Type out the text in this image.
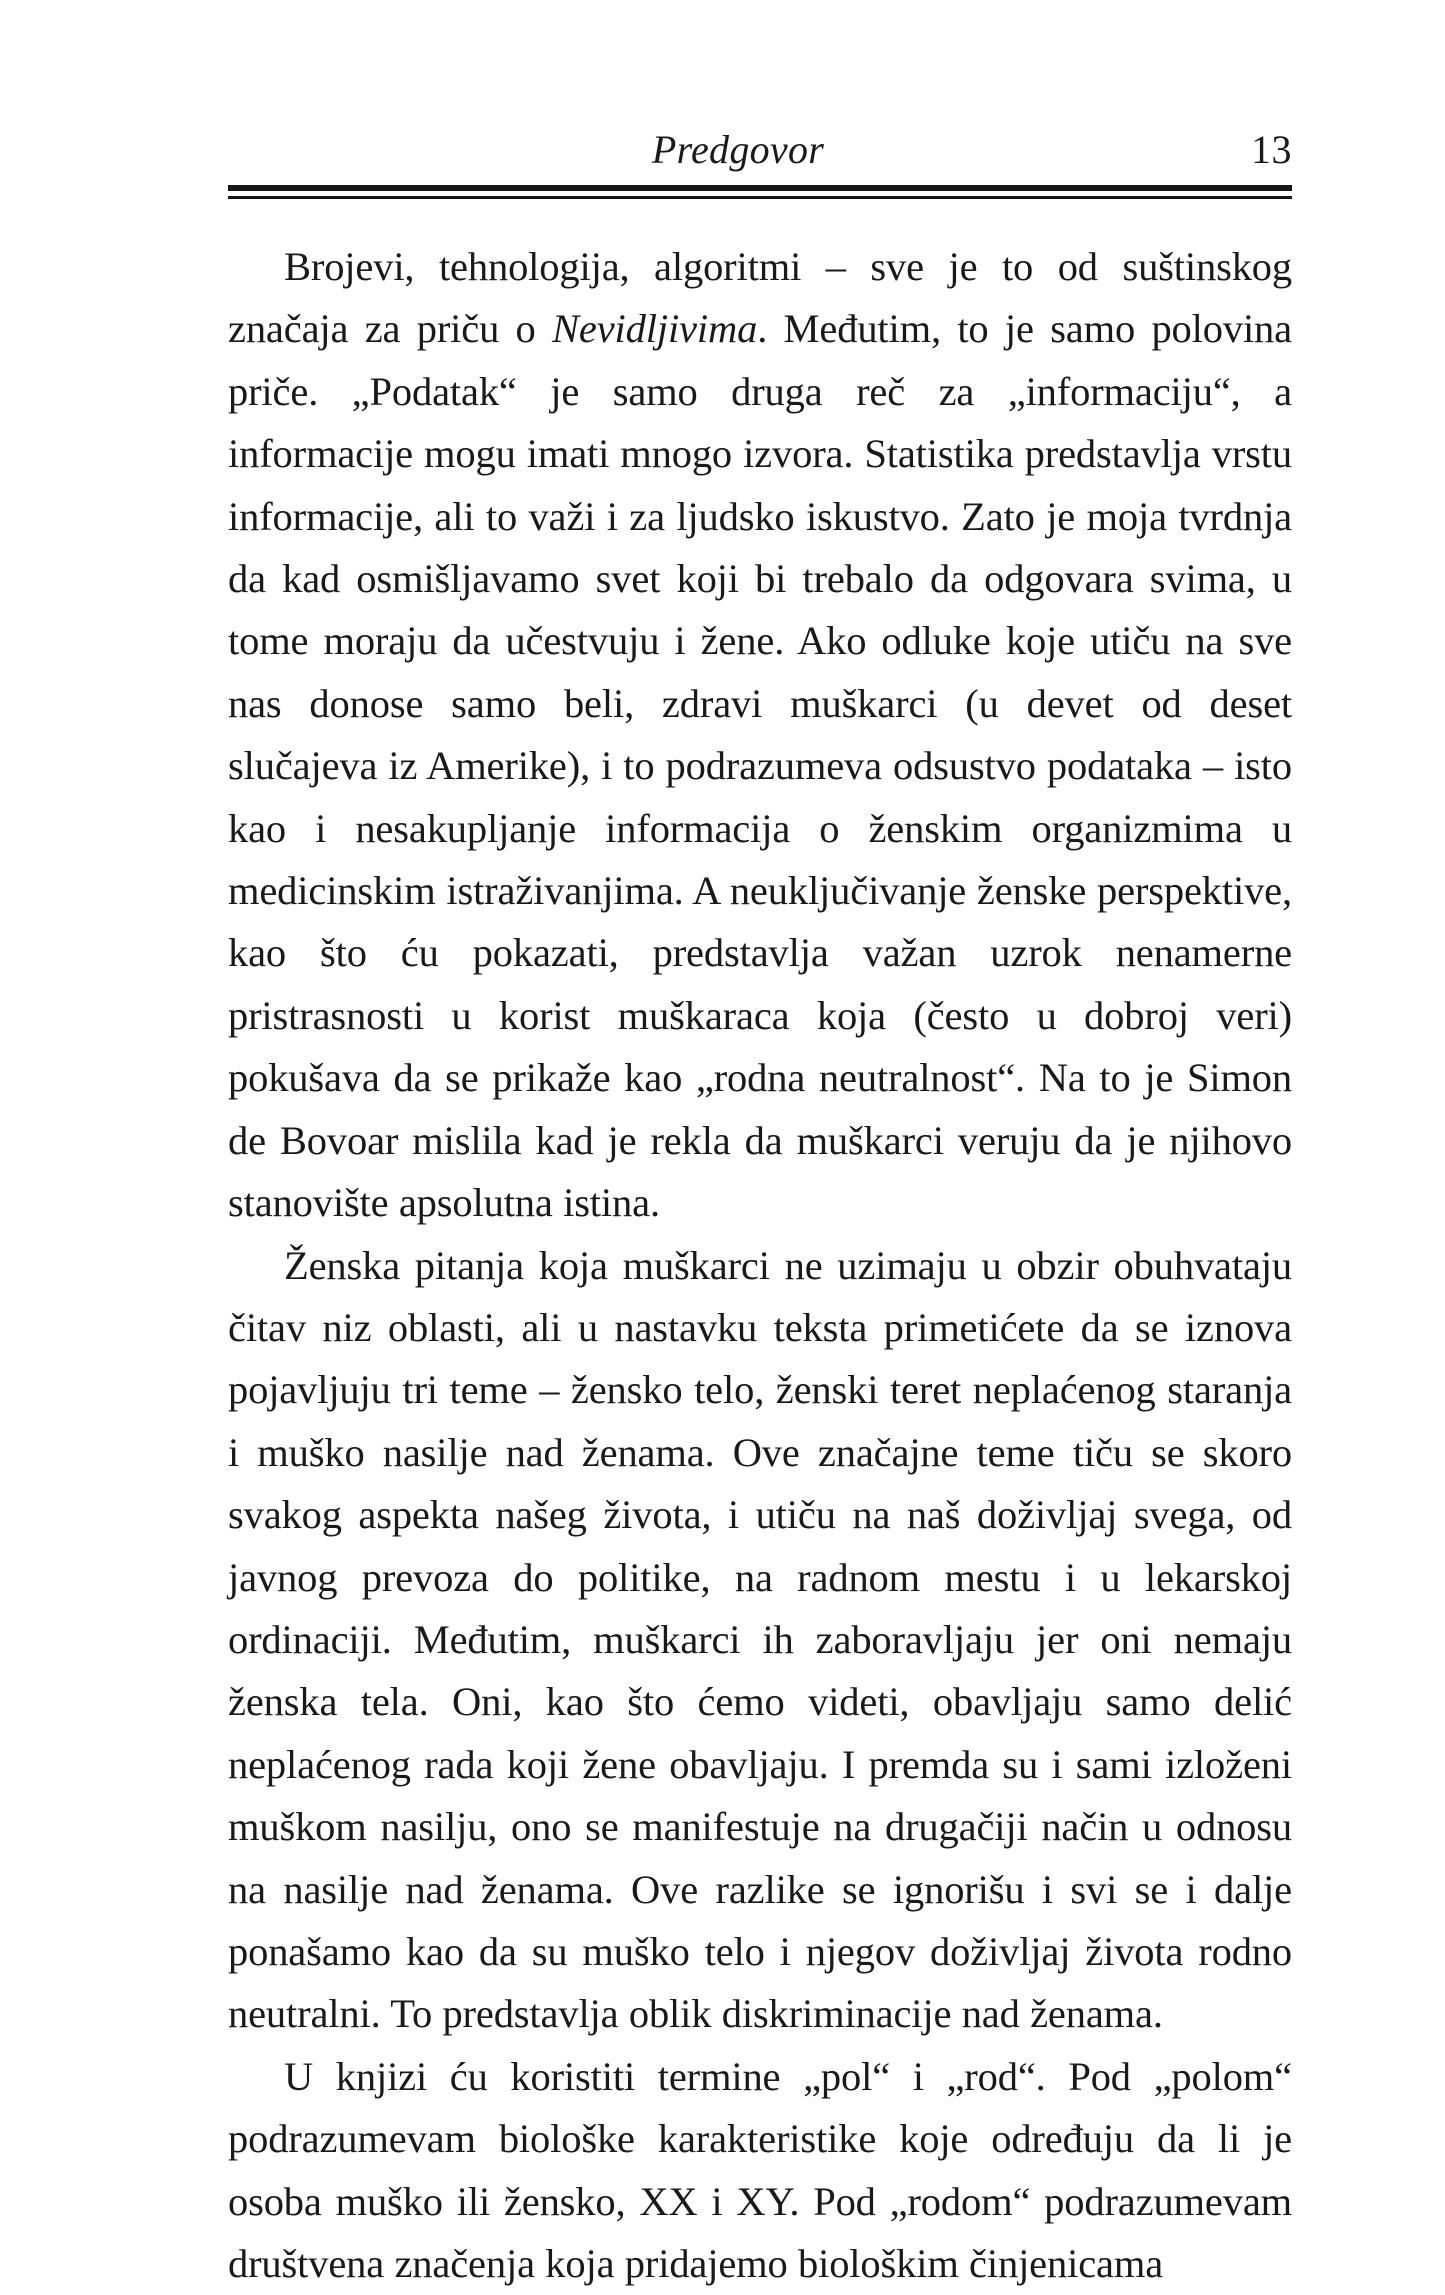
Predgovor	13

Brojevi, tehnologija, algoritmi – sve je to od suštinskog značaja za priču o Nevidljivima. Međutim, to je samo polovina priče. „Podatak“ je samo druga reč za „informaciju“, a informacije mogu imati mnogo izvora. Statistika predstavlja vrstu informacije, ali to važi i za ljudsko iskustvo. Zato je moja tvrdnja da kad osmišljavamo svet koji bi trebalo da odgovara svima, u tome moraju da učestvuju i žene. Ako odluke koje utiču na sve nas donose samo beli, zdravi muškarci (u devet od deset slučajeva iz Amerike), i to podrazumeva odsustvo podataka – isto kao i nesakupljanje informacija o ženskim organizmima u medicinskim istraživanjima. A neuključivanje ženske perspektive, kao što ću pokazati, predstavlja važan uzrok nenamerne pristrasnosti u korist muškaraca koja (često u dobroj veri) pokušava da se prikaže kao „rodna neutralnost“. Na to je Simon de Bovoar mislila kad je rekla da muškarci veruju da je njihovo stanovište apsolutna istina.

Ženska pitanja koja muškarci ne uzimaju u obzir obuhvataju čitav niz oblasti, ali u nastavku teksta primetićete da se iznova pojavljuju tri teme – žensko telo, ženski teret neplaćenog staranja i muško nasilje nad ženama. Ove značajne teme tiču se skoro svakog aspekta našeg života, i utiču na naš doživljaj svega, od javnog prevoza do politike, na radnom mestu i u lekarskoj ordinaciji. Međutim, muškarci ih zaboravljaju jer oni nemaju ženska tela. Oni, kao što ćemo videti, obavljaju samo delić neplaćenog rada koji žene obavljaju. I premda su i sami izloženi muškom nasilju, ono se manifestuje na drugačiji način u odnosu na nasilje nad ženama. Ove razlike se ignorišu i svi se i dalje ponašamo kao da su muško telo i njegov doživljaj života rodno neutralni. To predstavlja oblik diskriminacije nad ženama.

U knjizi ću koristiti termine „pol“ i „rod“. Pod „polom“ podrazumevam biološke karakteristike koje određuju da li je osoba muško ili žensko, XX i XY. Pod „rodom“ podrazumevam društvena značenja koja pridajemo biološkim činjenicama
